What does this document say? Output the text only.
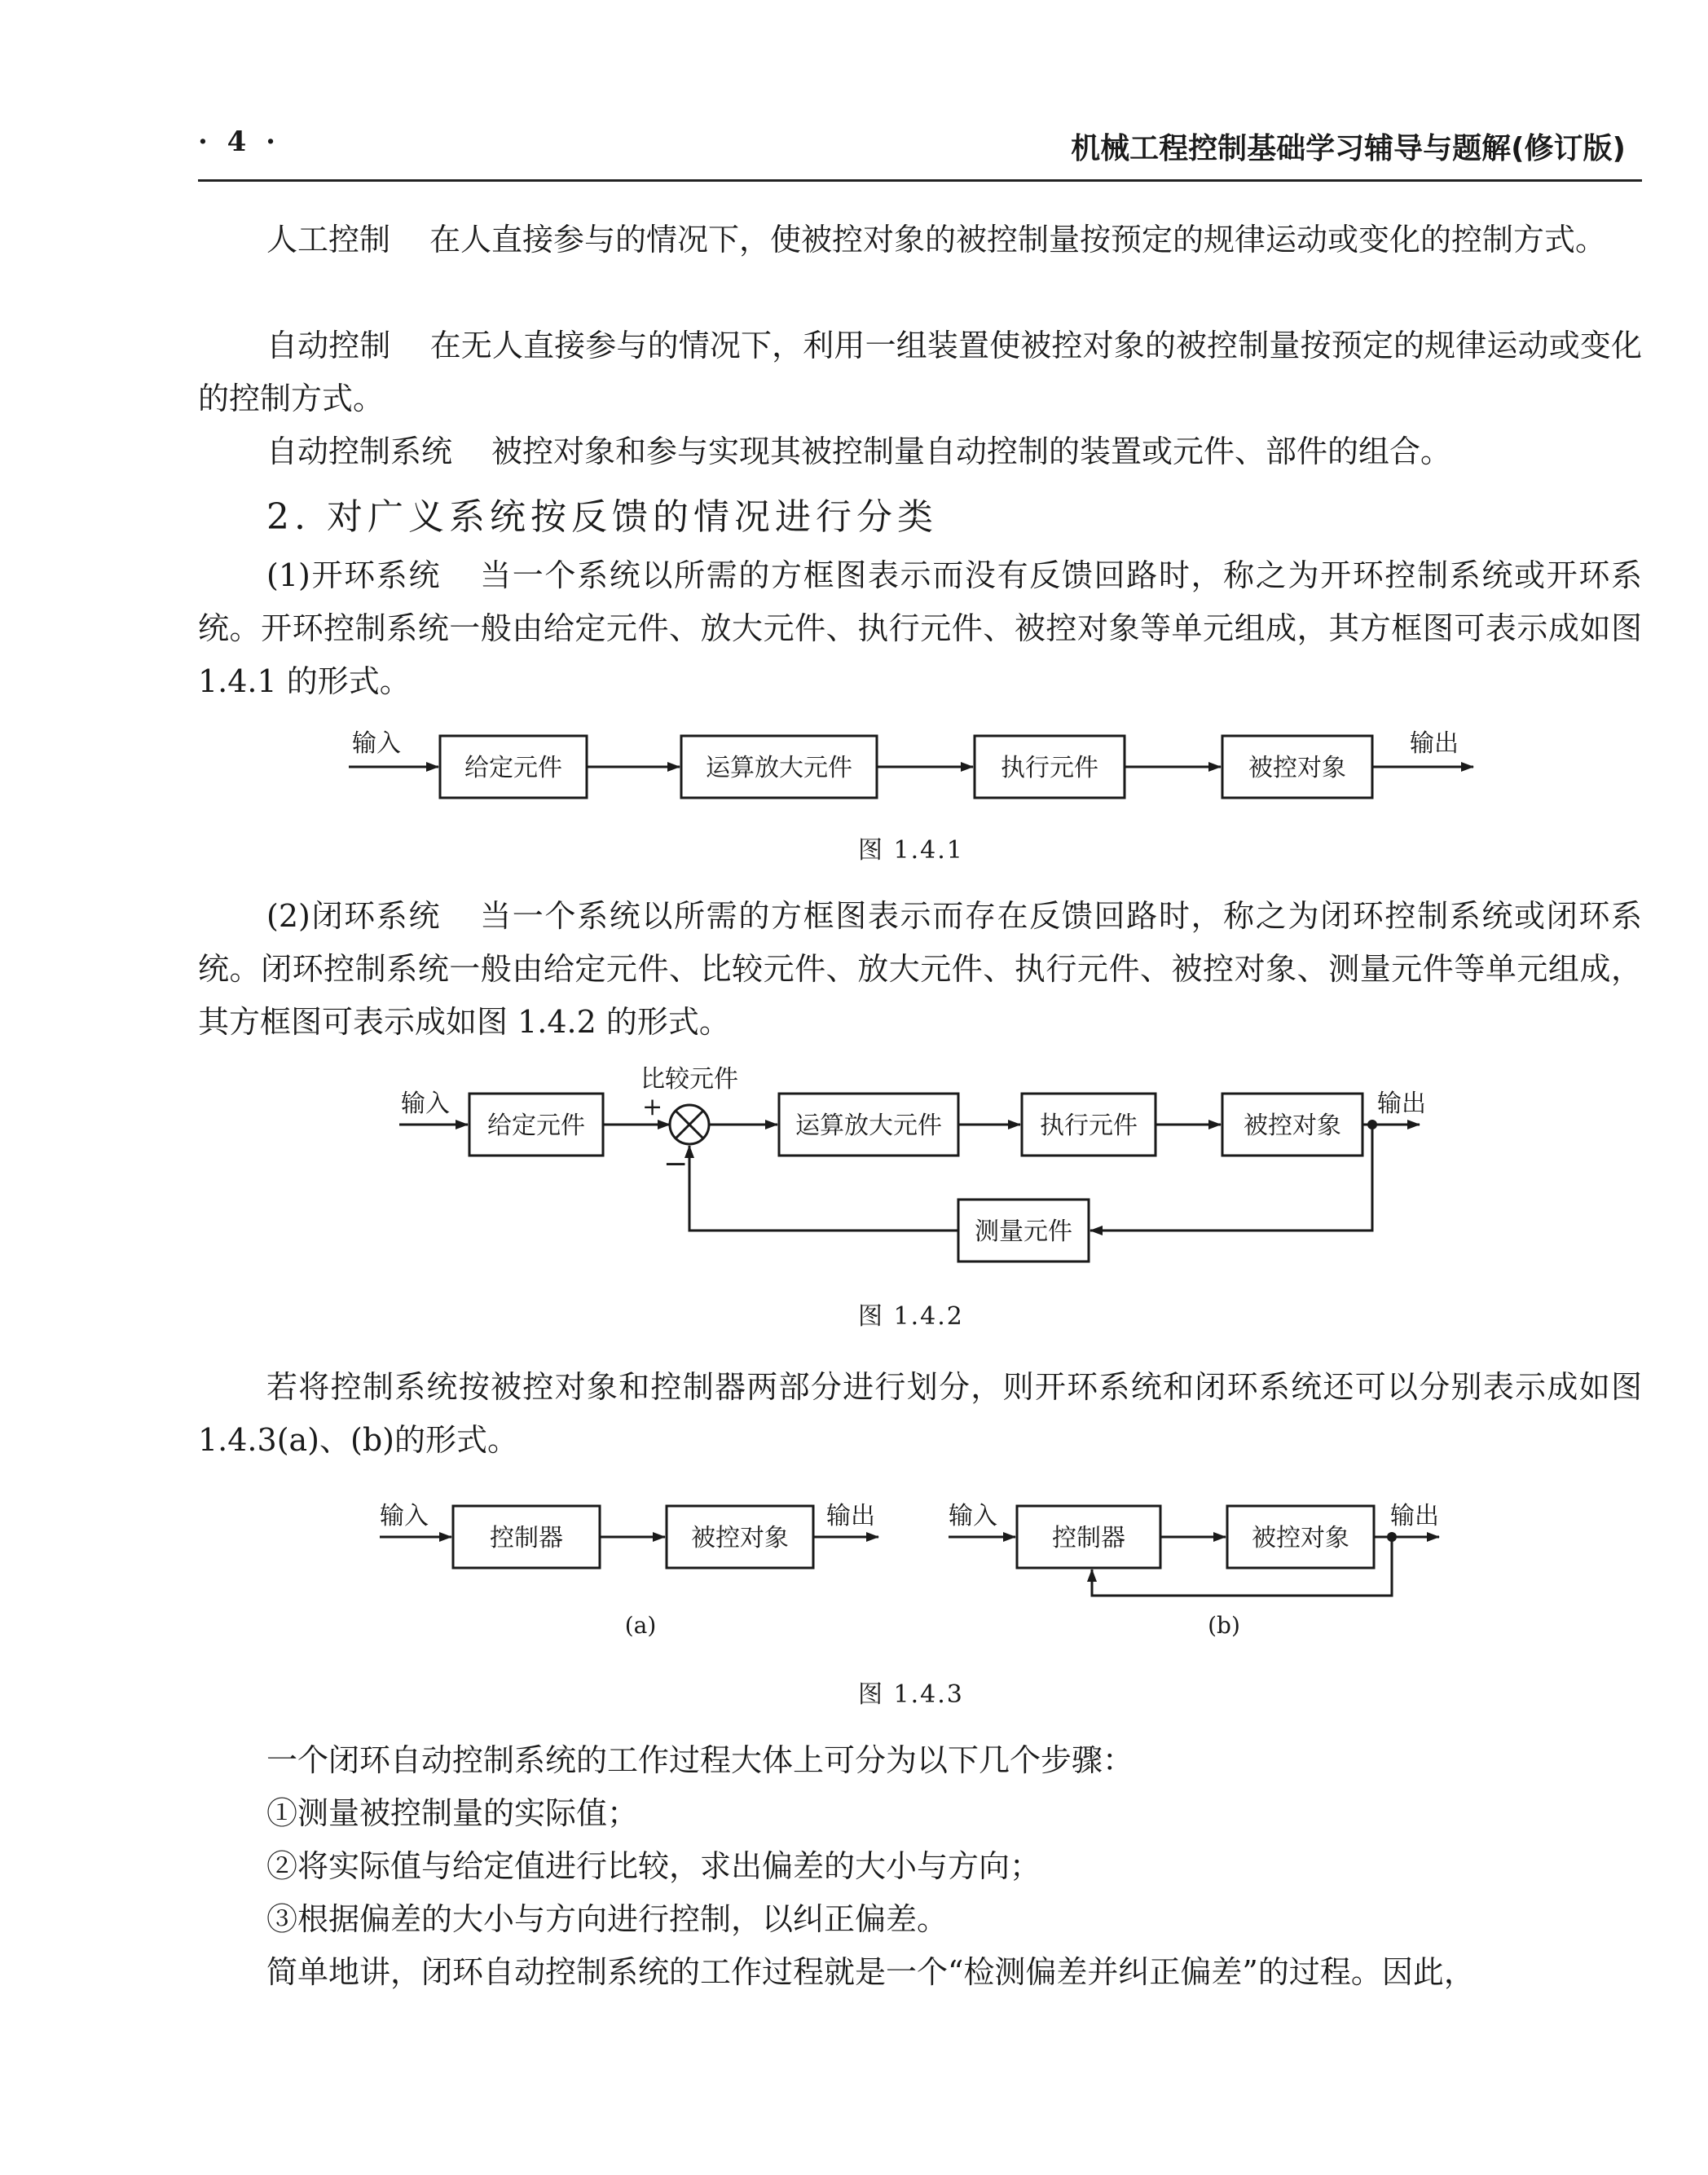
· 4 ·	机械工程控制基础学习辅导与题解(修订版)
人工控制 在人直接参与的情况下，使被控对象的被控制量按预定的规律运动或变化的控制方式。
自动控制 在无人直接参与的情况下，利用一组装置使被控对象的被控制量按预定的规律运动或变化的控制方式。
自动控制系统 被控对象和参与实现其被控制量自动控制的装置或元件、部件的组合。
2. 对广义系统按反馈的情况进行分类
(1)开环系统 当一个系统以所需的方框图表示而没有反馈回路时，称之为开环控制系统或开环系统。开环控制系统一般由给定元件、放大元件、执行元件、被控对象等单元组成，其方框图可表示成如图 1.4.1 的形式。
输入
给定元件	运算放大元件	执行元件	被控对象
输出
图 1.4.1
(2)闭环系统 当一个系统以所需的方框图表示而存在反馈回路时，称之为闭环控制系统或闭环系统。闭环控制系统一般由给定元件、比较元件、放大元件、执行元件、被控对象、测量元件等单元组成，其方框图可表示成如图 1.4.2 的形式。
输入
给定元件
比较元件
+
−
运算放大元件	执行元件	被控对象
输出
测量元件
图 1.4.2
若将控制系统按被控对象和控制器两部分进行划分，则开环系统和闭环系统还可以分别表示成如图 1.4.3(a)、(b)的形式。
输入
控制器	被控对象
输出
(a)
输入
控制器	被控对象
输出
(b)
图 1.4.3
一个闭环自动控制系统的工作过程大体上可分为以下几个步骤：
①测量被控制量的实际值；
②将实际值与给定值进行比较，求出偏差的大小与方向；
③根据偏差的大小与方向进行控制，以纠正偏差。
简单地讲，闭环自动控制系统的工作过程就是一个“检测偏差并纠正偏差”的过程。因此，
